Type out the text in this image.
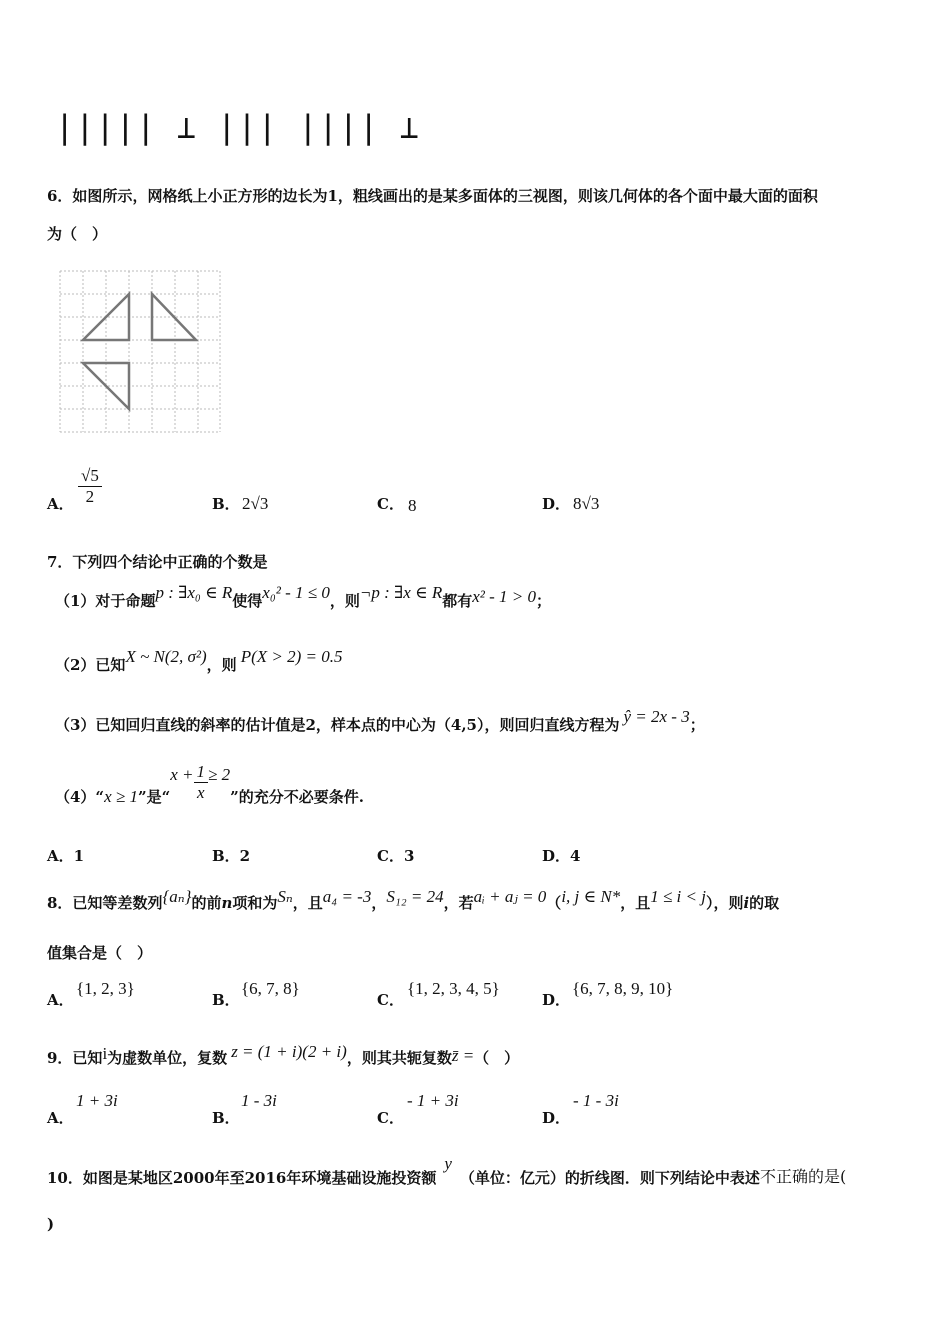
||||| ⊥ ||| |||| ⊥
6．如图所示，网格纸上小正方形的边长为1，粗线画出的是某多面体的三视图，则该几何体的各个面中最大面的面积
为（　）
A． $\frac{√5}{2}$	B． 2√3	C． 8	D． 8√3
7．下列四个结论中正确的个数是
（1）对于命题p : ∃x₀ ∈ R使得x₀² - 1 ≤ 0，则¬p : ∃x ∈ R都有x² - 1 > 0；
（2）已知X ~ N(2, σ²)，则 P(X > 2) = 0.5
（3）已知回归直线的斜率的估计值是2，样本点的中心为（4,5），则回归直线方程为 ŷ = 2x - 3；
（4）“x ≥ 1”是“$x + \frac{1}{x} \ge 2$”的充分不必要条件.
A．1	B．2	C．3	D．4
8．已知等差数列{aₙ}的前n项和为Sₙ，且a₄ = -3，S₁₂ = 24，若aᵢ + aⱼ = 0（i, j ∈ N*，且1 ≤ i < j），则i的取
值集合是（　）
A．
{1, 2, 3}
B．
{6, 7, 8}
C．
{1, 2, 3, 4, 5}
D．
{6, 7, 8, 9, 10}
9．已知i为虚数单位，复数 z = (1 + i)(2 + i)，则其共轭复数z̄ =（　）
A．
1 + 3i
B．
1 - 3i
C．
- 1 + 3i
D．
- 1 - 3i
10．如图是某地区2000年至2016年环境基础设施投资额y（单位：亿元）的折线图．则下列结论中表述不正确的是(
)
